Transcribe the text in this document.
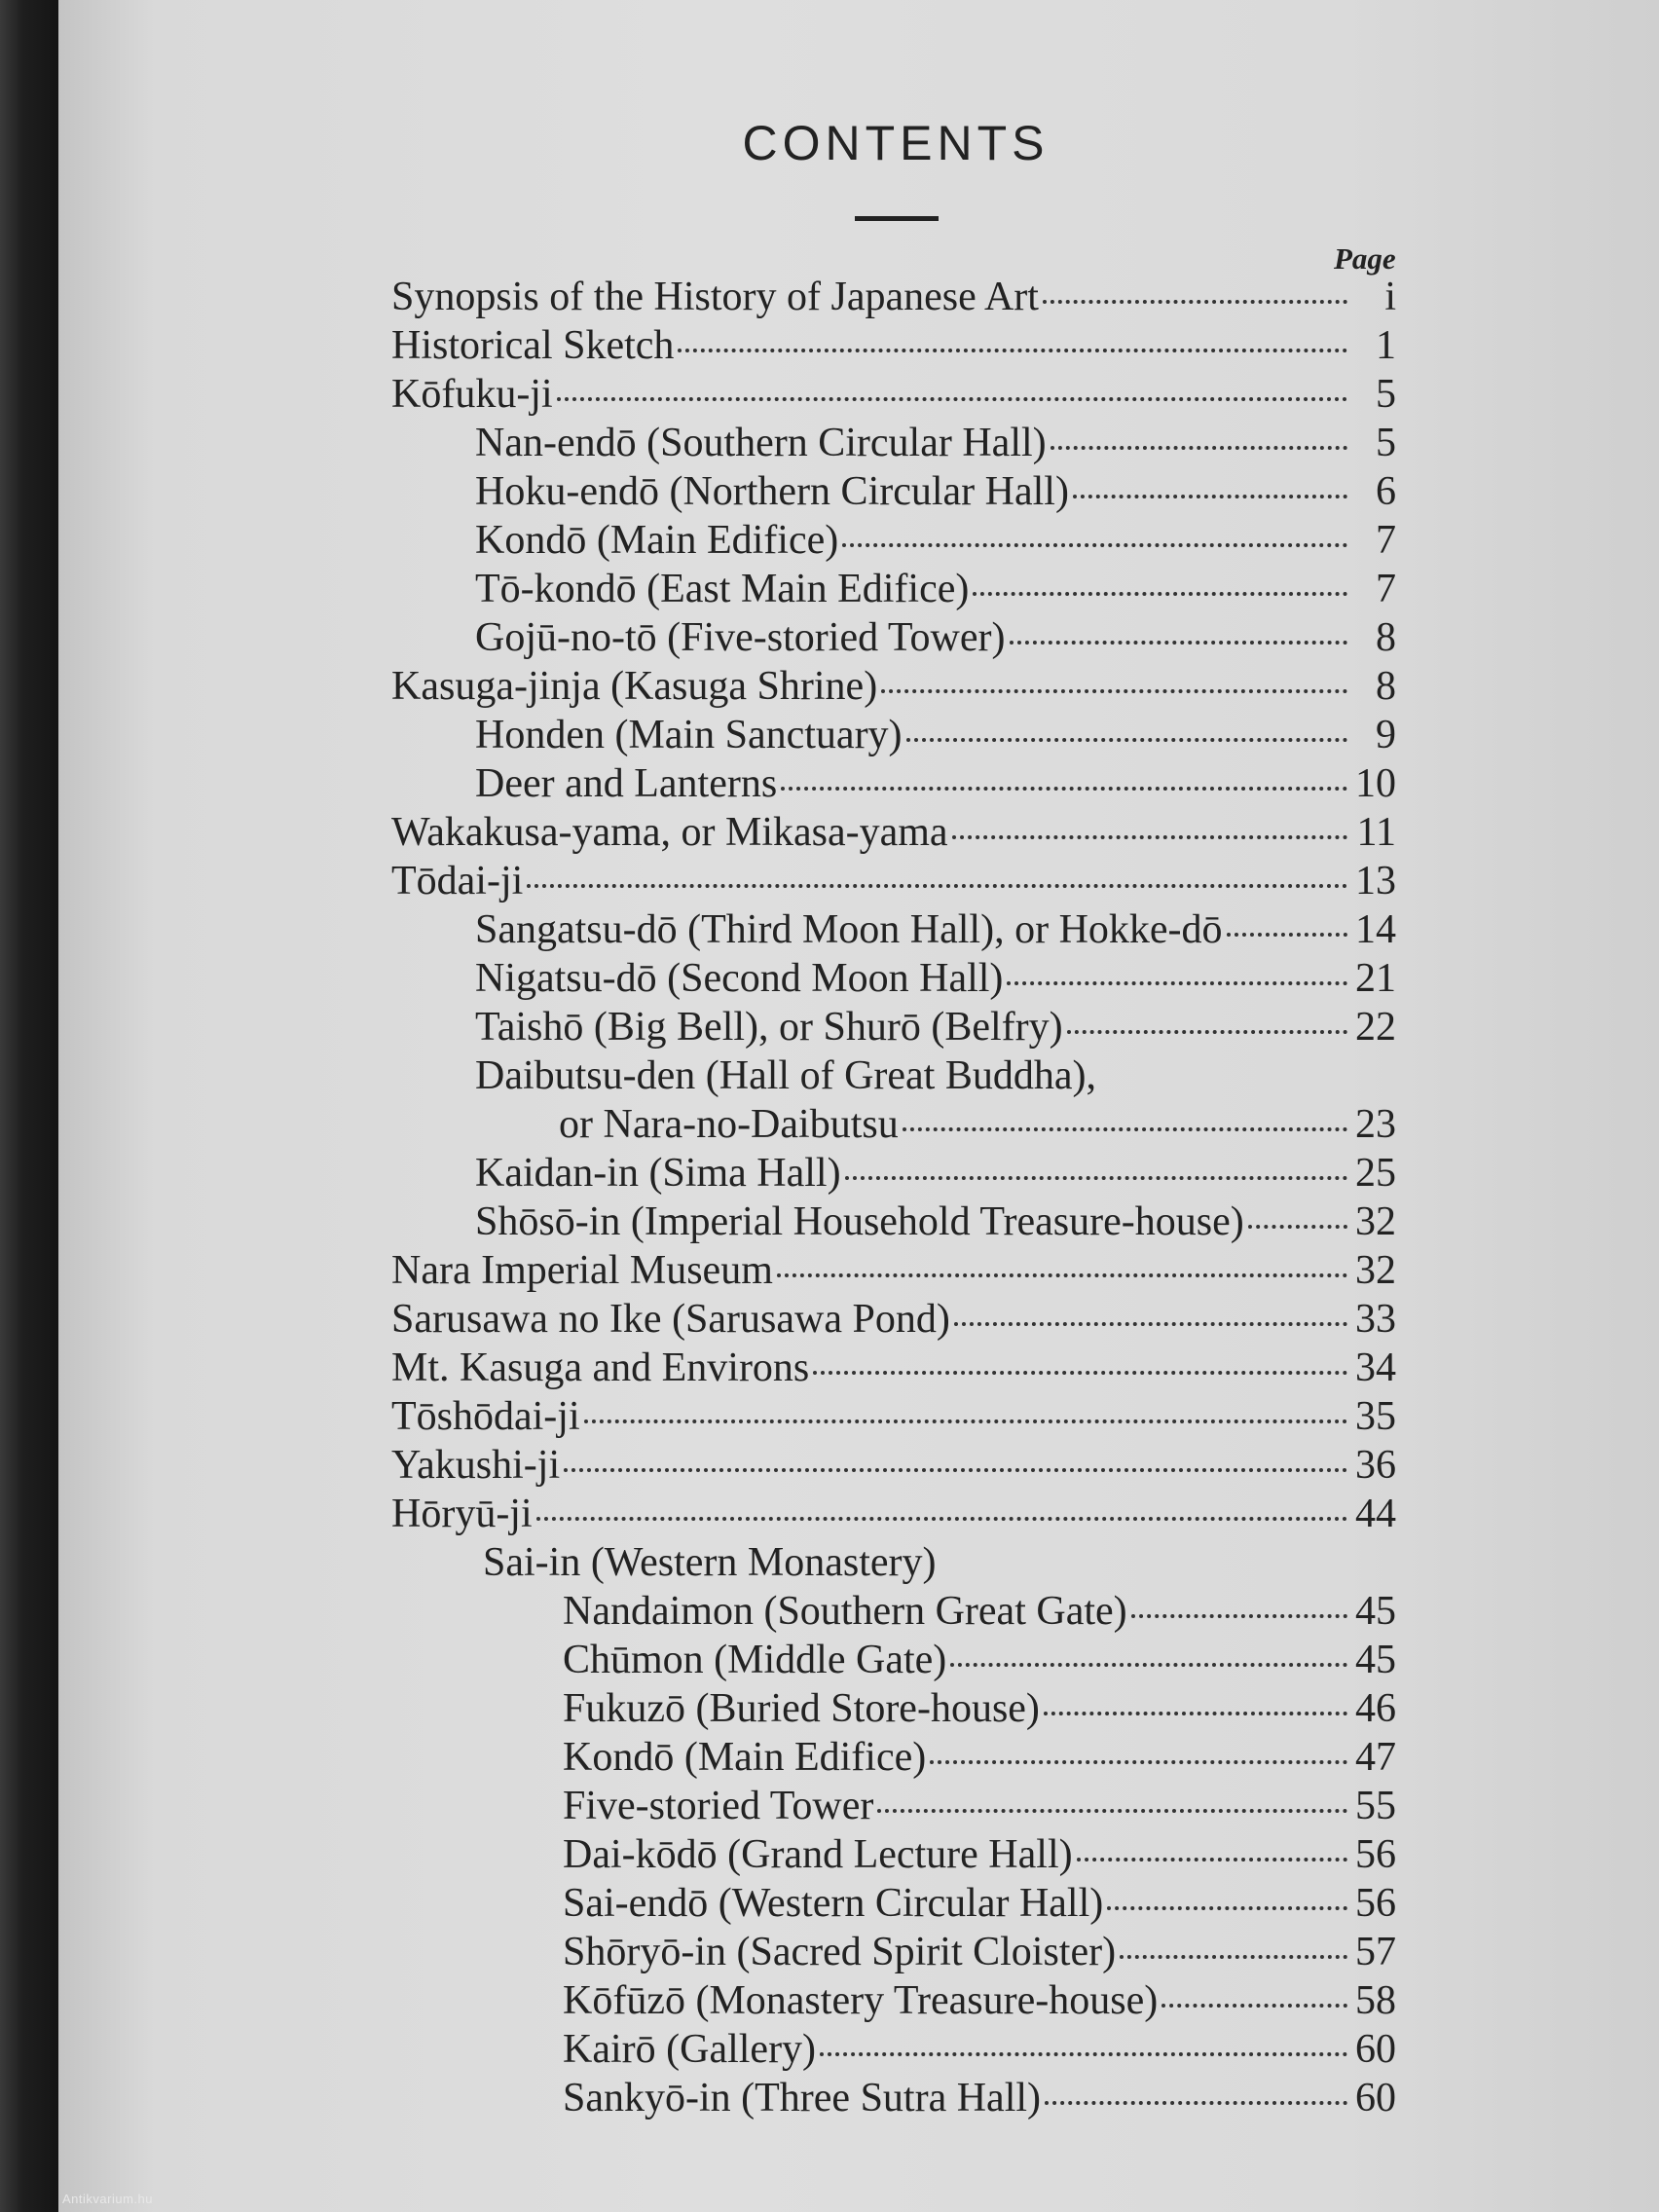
Antikvarium.hu
CONTENTS
Page
Synopsis of the History of Japanese Art	i
Historical Sketch	1
Kōfuku-ji	5
Nan-endō (Southern Circular Hall)	5
Hoku-endō (Northern Circular Hall)	6
Kondō (Main Edifice)	7
Tō-kondō (East Main Edifice)	7
Gojū-no-tō (Five-storied Tower)	8
Kasuga-jinja (Kasuga Shrine)	8
Honden (Main Sanctuary)	9
Deer and Lanterns	10
Wakakusa-yama, or Mikasa-yama	11
Tōdai-ji	13
Sangatsu-dō (Third Moon Hall), or Hokke-dō	14
Nigatsu-dō (Second Moon Hall)	21
Taishō (Big Bell), or Shurō (Belfry)	22
Daibutsu-den (Hall of Great Buddha),
or Nara-no-Daibutsu	23
Kaidan-in (Sima Hall)	25
Shōsō-in (Imperial Household Treasure-house)	32
Nara Imperial Museum	32
Sarusawa no Ike (Sarusawa Pond)	33
Mt. Kasuga and Environs	34
Tōshōdai-ji	35
Yakushi-ji	36
Hōryū-ji	44
Sai-in (Western Monastery)
Nandaimon (Southern Great Gate)	45
Chūmon (Middle Gate)	45
Fukuzō (Buried Store-house)	46
Kondō (Main Edifice)	47
Five-storied Tower	55
Dai-kōdō (Grand Lecture Hall)	56
Sai-endō (Western Circular Hall)	56
Shōryō-in (Sacred Spirit Cloister)	57
Kōfūzō (Monastery Treasure-house)	58
Kairō (Gallery)	60
Sankyō-in (Three Sutra Hall)	60
